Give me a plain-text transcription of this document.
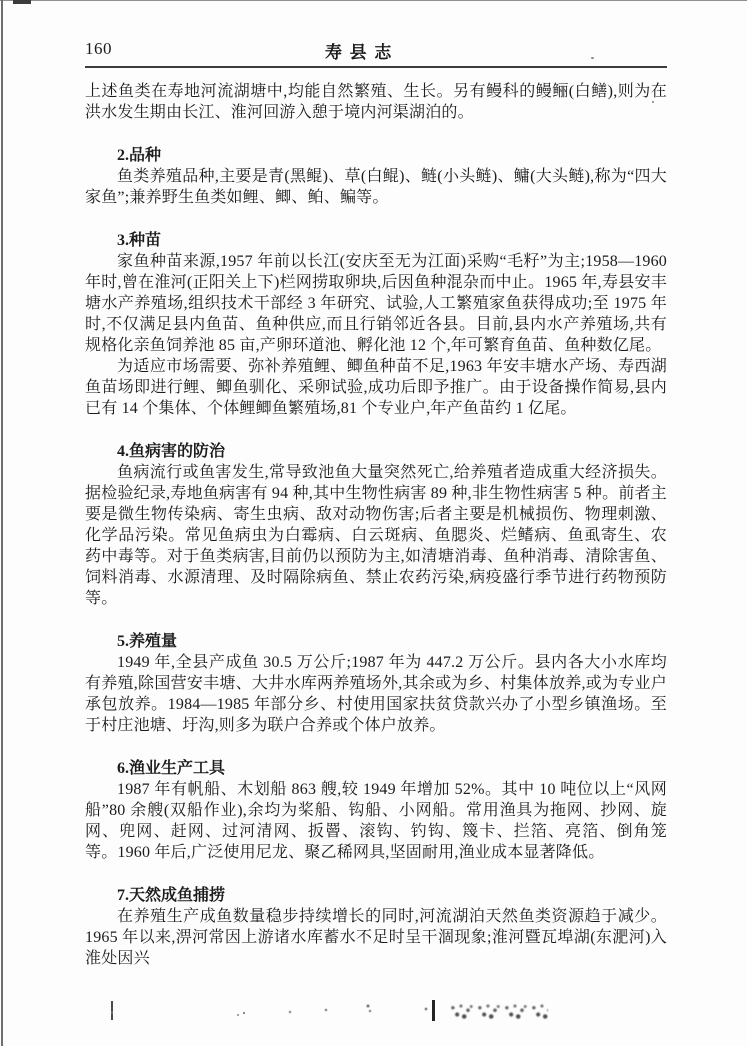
160	寿县志

上述鱼类在寿地河流湖塘中,均能自然繁殖、生长。另有鳗科的鳗鲡(白鳝),则为在洪水发生期由长江、淮河回游入憩于境内河渠湖泊的。

2.品种

鱼类养殖品种,主要是青(黑鲲)、草(白鲲)、鲢(小头鲢)、鳙(大头鲢),称为“四大家鱼”;兼养野生鱼类如鲤、鲫、鲌、鳊等。

3.种苗

家鱼种苗来源,1957 年前以长江(安庆至无为江面)采购“毛籽”为主;1958—1960 年时,曾在淮河(正阳关上下)栏网捞取卵块,后因鱼种混杂而中止。1965 年,寿县安丰塘水产养殖场,组织技术干部经 3 年研究、试验,人工繁殖家鱼获得成功;至 1975 年时,不仅满足县内鱼苗、鱼种供应,而且行销邻近各县。目前,县内水产养殖场,共有规格化亲鱼饲养池 85 亩,产卵环道池、孵化池 12 个,年可繁育鱼苗、鱼种数亿尾。

为适应市场需要、弥补养殖鲤、鲫鱼种苗不足,1963 年安丰塘水产场、寿西湖鱼苗场即进行鲤、鲫鱼驯化、采卵试验,成功后即予推广。由于设备操作简易,县内已有 14 个集体、个体鲤鲫鱼繁殖场,81 个专业户,年产鱼苗约 1 亿尾。

4.鱼病害的防治

鱼病流行或鱼害发生,常导致池鱼大量突然死亡,给养殖者造成重大经济损失。据检验纪录,寿地鱼病害有 94 种,其中生物性病害 89 种,非生物性病害 5 种。前者主要是微生物传染病、寄生虫病、敌对动物伤害;后者主要是机械损伤、物理刺激、化学品污染。常见鱼病虫为白霉病、白云斑病、鱼腮炎、烂鳍病、鱼虱寄生、农药中毒等。对于鱼类病害,目前仍以预防为主,如清塘消毒、鱼种消毒、清除害鱼、饲料消毒、水源清理、及时隔除病鱼、禁止农药污染,病疫盛行季节进行药物预防等。

5.养殖量

1949 年,全县产成鱼 30.5 万公斤;1987 年为 447.2 万公斤。县内各大小水库均有养殖,除国营安丰塘、大井水库两养殖场外,其余或为乡、村集体放养,或为专业户承包放养。1984—1985 年部分乡、村使用国家扶贫贷款兴办了小型乡镇渔场。至于村庄池塘、圩沟,则多为联户合养或个体户放养。

6.渔业生产工具

1987 年有帆船、木划船 863 艘,较 1949 年增加 52%。其中 10 吨位以上“风网船”80 余艘(双船作业),余均为桨船、钩船、小网船。常用渔具为拖网、抄网、旋网、兜网、赶网、过河清网、扳罾、滚钩、钓钩、篾卡、拦箔、亮箔、倒角笼等。1960 年后,广泛使用尼龙、聚乙稀网具,坚固耐用,渔业成本显著降低。

7.天然成鱼捕捞

在养殖生产成鱼数量稳步持续增长的同时,河流湖泊天然鱼类资源趋于减少。1965 年以来,淠河常因上游诸水库蓄水不足时呈干涸现象;淮河暨瓦埠湖(东淝河)入淮处因兴
